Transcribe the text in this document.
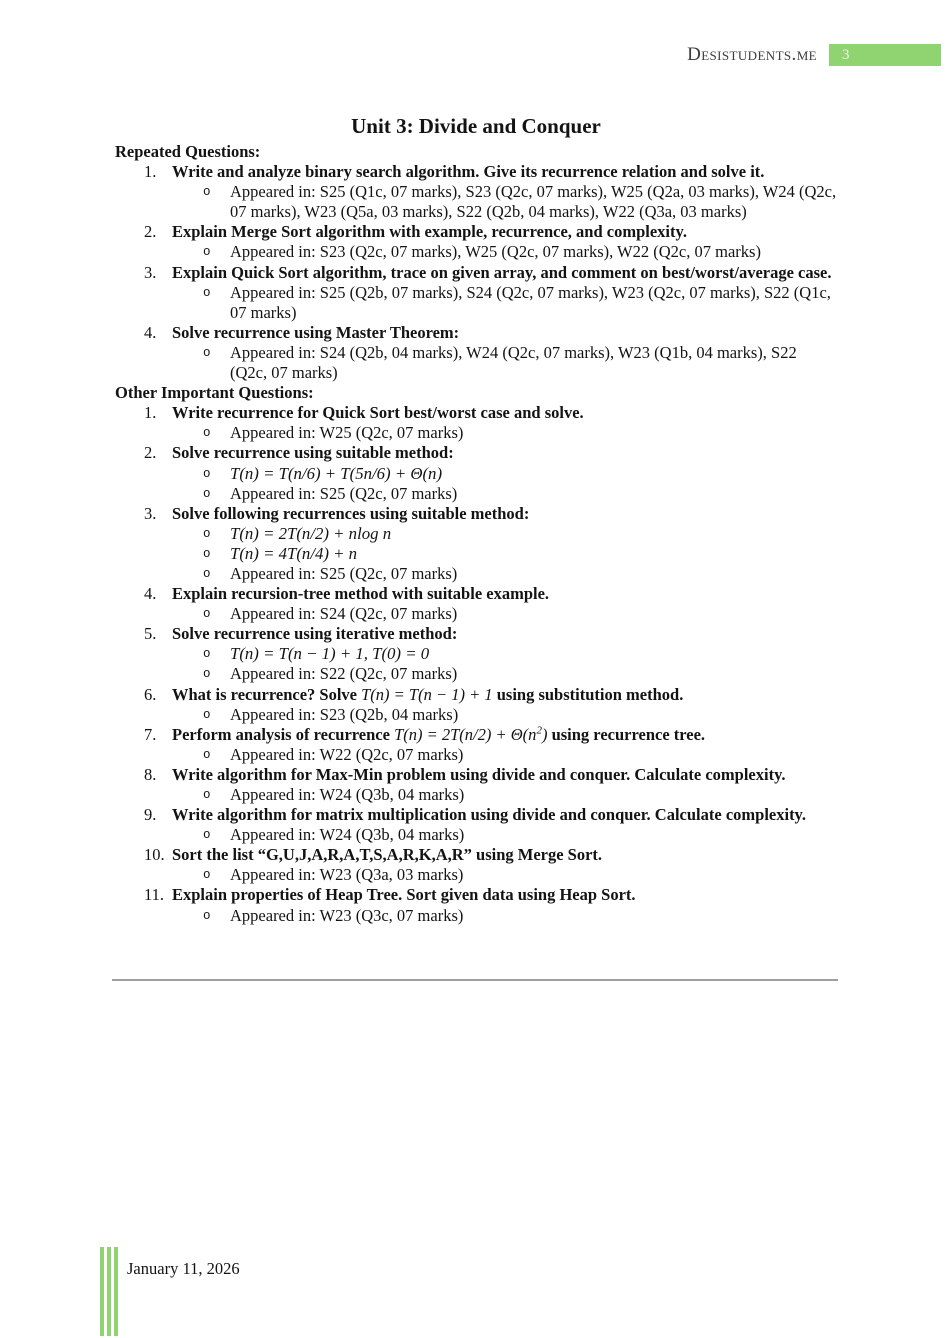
Desistudents.me 3
Unit 3: Divide and Conquer
Repeated Questions:
1. Write and analyze binary search algorithm. Give its recurrence relation and solve it.
o	Appeared in: S25 (Q1c, 07 marks), S23 (Q2c, 07 marks), W25 (Q2a, 03 marks), W24 (Q2c, 07 marks), W23 (Q5a, 03 marks), S22 (Q2b, 04 marks), W22 (Q3a, 03 marks)
2. Explain Merge Sort algorithm with example, recurrence, and complexity.
o	Appeared in: S23 (Q2c, 07 marks), W25 (Q2c, 07 marks), W22 (Q2c, 07 marks)
3. Explain Quick Sort algorithm, trace on given array, and comment on best/worst/average case.
o	Appeared in: S25 (Q2b, 07 marks), S24 (Q2c, 07 marks), W23 (Q2c, 07 marks), S22 (Q1c, 07 marks)
4. Solve recurrence using Master Theorem:
o	Appeared in: S24 (Q2b, 04 marks), W24 (Q2c, 07 marks), W23 (Q1b, 04 marks), S22 (Q2c, 07 marks)
Other Important Questions:
1. Write recurrence for Quick Sort best/worst case and solve.
o	Appeared in: W25 (Q2c, 07 marks)
2. Solve recurrence using suitable method:
o	T(n) = T(n/6) + T(5n/6) + Θ(n)
o	Appeared in: S25 (Q2c, 07 marks)
3. Solve following recurrences using suitable method:
o	T(n) = 2T(n/2) + nlog n
o	T(n) = 4T(n/4) + n
o	Appeared in: S25 (Q2c, 07 marks)
4. Explain recursion-tree method with suitable example.
o	Appeared in: S24 (Q2c, 07 marks)
5. Solve recurrence using iterative method:
o	T(n) = T(n − 1) + 1, T(0) = 0
o	Appeared in: S22 (Q2c, 07 marks)
6. What is recurrence? Solve T(n) = T(n − 1) + 1 using substitution method.
o	Appeared in: S23 (Q2b, 04 marks)
7. Perform analysis of recurrence $T(n) = 2T(n/2) + \Theta(n^2)$ using recurrence tree.
o	Appeared in: W22 (Q2c, 07 marks)
8. Write algorithm for Max-Min problem using divide and conquer. Calculate complexity.
o	Appeared in: W24 (Q3b, 04 marks)
9. Write algorithm for matrix multiplication using divide and conquer. Calculate complexity.
o	Appeared in: W24 (Q3b, 04 marks)
10. Sort the list “G,U,J,A,R,A,T,S,A,R,K,A,R” using Merge Sort.
o	Appeared in: W23 (Q3a, 03 marks)
11. Explain properties of Heap Tree. Sort given data using Heap Sort.
o	Appeared in: W23 (Q3c, 07 marks)
January 11, 2026
